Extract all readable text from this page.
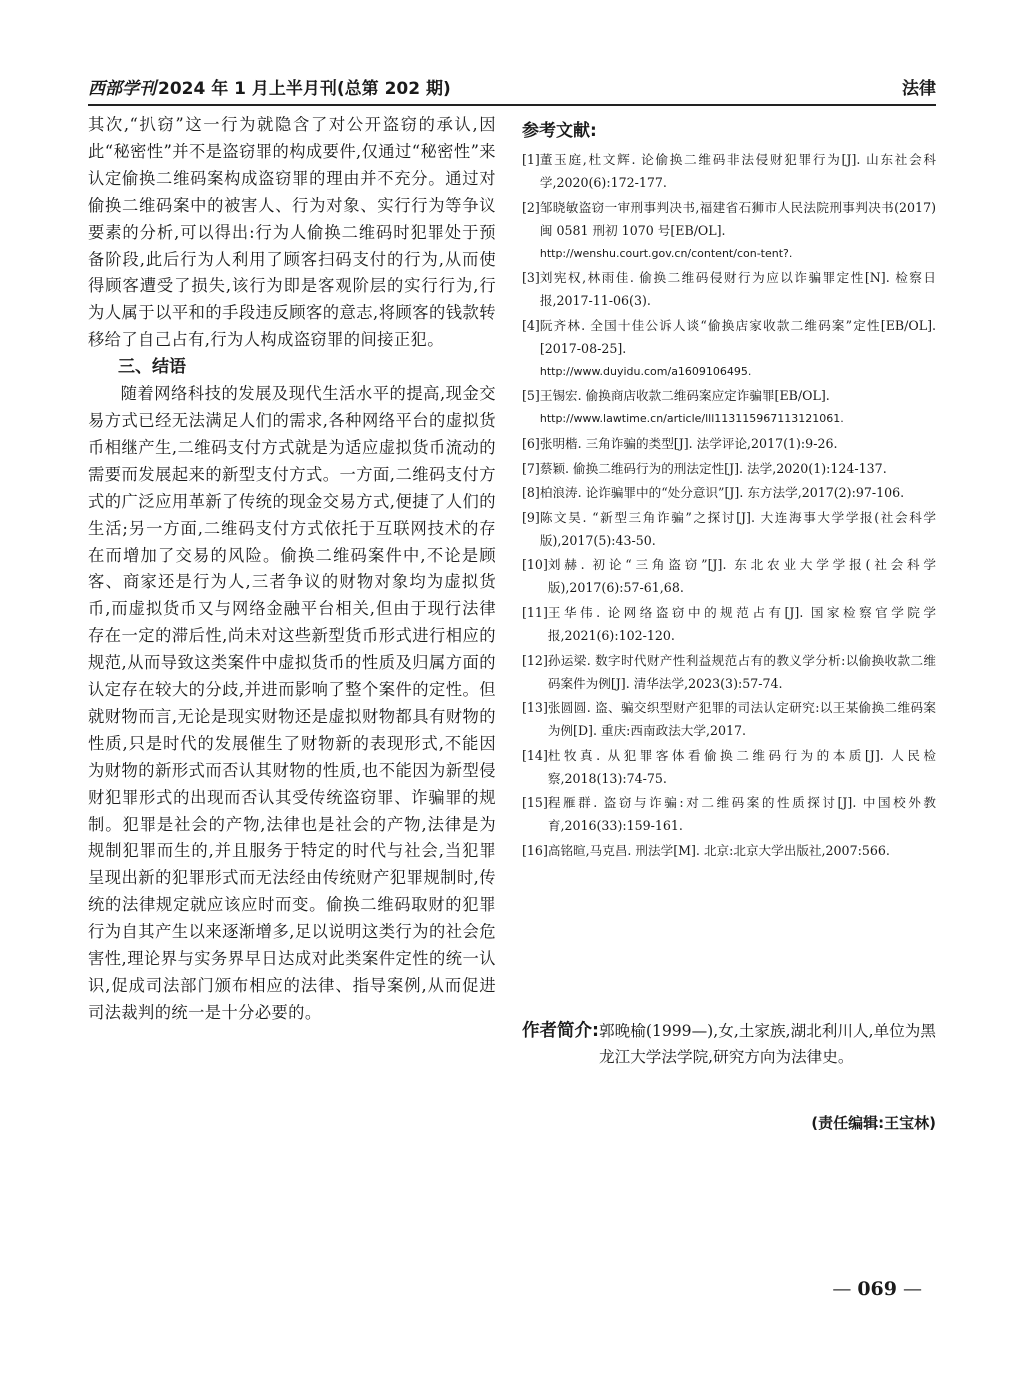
西部学刊 2024 年 1 月上半月刊(总第 202 期)	法律

其次,“扒窃”这一行为就隐含了对公开盗窃的承认,因此“秘密性”并不是盗窃罪的构成要件,仅通过“秘密性”来认定偷换二维码案构成盗窃罪的理由并不充分。通过对偷换二维码案中的被害人、行为对象、实行行为等争议要素的分析,可以得出:行为人偷换二维码时犯罪处于预备阶段,此后行为人利用了顾客扫码支付的行为,从而使得顾客遭受了损失,该行为即是客观阶层的实行行为,行为人属于以平和的手段违反顾客的意志,将顾客的钱款转移给了自己占有,行为人构成盗窃罪的间接正犯。

三、结语

随着网络科技的发展及现代生活水平的提高,现金交易方式已经无法满足人们的需求,各种网络平台的虚拟货币相继产生,二维码支付方式就是为适应虚拟货币流动的需要而发展起来的新型支付方式。一方面,二维码支付方式的广泛应用革新了传统的现金交易方式,便捷了人们的生活;另一方面,二维码支付方式依托于互联网技术的存在而增加了交易的风险。偷换二维码案件中,不论是顾客、商家还是行为人,三者争议的财物对象均为虚拟货币,而虚拟货币又与网络金融平台相关,但由于现行法律存在一定的滞后性,尚未对这些新型货币形式进行相应的规范,从而导致这类案件中虚拟货币的性质及归属方面的认定存在较大的分歧,并进而影响了整个案件的定性。但就财物而言,无论是现实财物还是虚拟财物都具有财物的性质,只是时代的发展催生了财物新的表现形式,不能因为财物的新形式而否认其财物的性质,也不能因为新型侵财犯罪形式的出现而否认其受传统盗窃罪、诈骗罪的规制。犯罪是社会的产物,法律也是社会的产物,法律是为规制犯罪而生的,并且服务于特定的时代与社会,当犯罪呈现出新的犯罪形式而无法经由传统财产犯罪规制时,传统的法律规定就应该应时而变。偷换二维码取财的犯罪行为自其产生以来逐渐增多,足以说明这类行为的社会危害性,理论界与实务界早日达成对此类案件定性的统一认识,促成司法部门颁布相应的法律、指导案例,从而促进司法裁判的统一是十分必要的。

参考文献:
[1] 董玉庭,杜文辉. 论偷换二维码非法侵财犯罪行为[J]. 山东社会科学,2020(6):172-177.
[2] 邹晓敏盗窃一审刑事判决书,福建省石狮市人民法院刑事判决书(2017)闽 0581 刑初 1070 号[EB/OL].
http://wenshu.court.gov.cn/content/con-tent?.
[3] 刘宪权,林雨佳. 偷换二维码侵财行为应以诈骗罪定性[N]. 检察日报,2017-11-06(3).
[4] 阮齐林. 全国十佳公诉人谈“偷换店家收款二维码案”定性[EB/OL].[2017-08-25].
http://www.duyidu.com/a1609106495.
[5] 王锡宏. 偷换商店收款二维码案应定诈骗罪[EB/OL].
http://www.lawtime.cn/article/lll113115967113121061.
[6] 张明楷. 三角诈骗的类型[J]. 法学评论,2017(1):9-26.
[7] 蔡颖. 偷换二维码行为的刑法定性[J]. 法学,2020(1):124-137.
[8] 柏浪涛. 论诈骗罪中的“处分意识”[J]. 东方法学,2017(2):97-106.
[9] 陈文昊. “新型三角诈骗”之探讨[J]. 大连海事大学学报(社会科学版),2017(5):43-50.
[10] 刘赫. 初论“三角盗窃”[J]. 东北农业大学学报(社会科学版),2017(6):57-61,68.
[11] 王华伟. 论网络盗窃中的规范占有[J]. 国家检察官学院学报,2021(6):102-120.
[12] 孙运梁. 数字时代财产性利益规范占有的教义学分析:以偷换收款二维码案件为例[J]. 清华法学,2023(3):57-74.
[13] 张圆圆. 盗、骗交织型财产犯罪的司法认定研究:以王某偷换二维码案为例[D]. 重庆:西南政法大学,2017.
[14] 杜牧真. 从犯罪客体看偷换二维码行为的本质[J]. 人民检察,2018(13):74-75.
[15] 程雁群. 盗窃与诈骗:对二维码案的性质探讨[J]. 中国校外教育,2016(33):159-161.
[16] 高铭暄,马克昌. 刑法学[M]. 北京:北京大学出版社,2007:566.
作者简介: 郭晚榆(1999—),女,土家族,湖北利川人,单位为黑龙江大学法学院,研究方向为法律史。
(责任编辑:王宝林)
— 069 —
